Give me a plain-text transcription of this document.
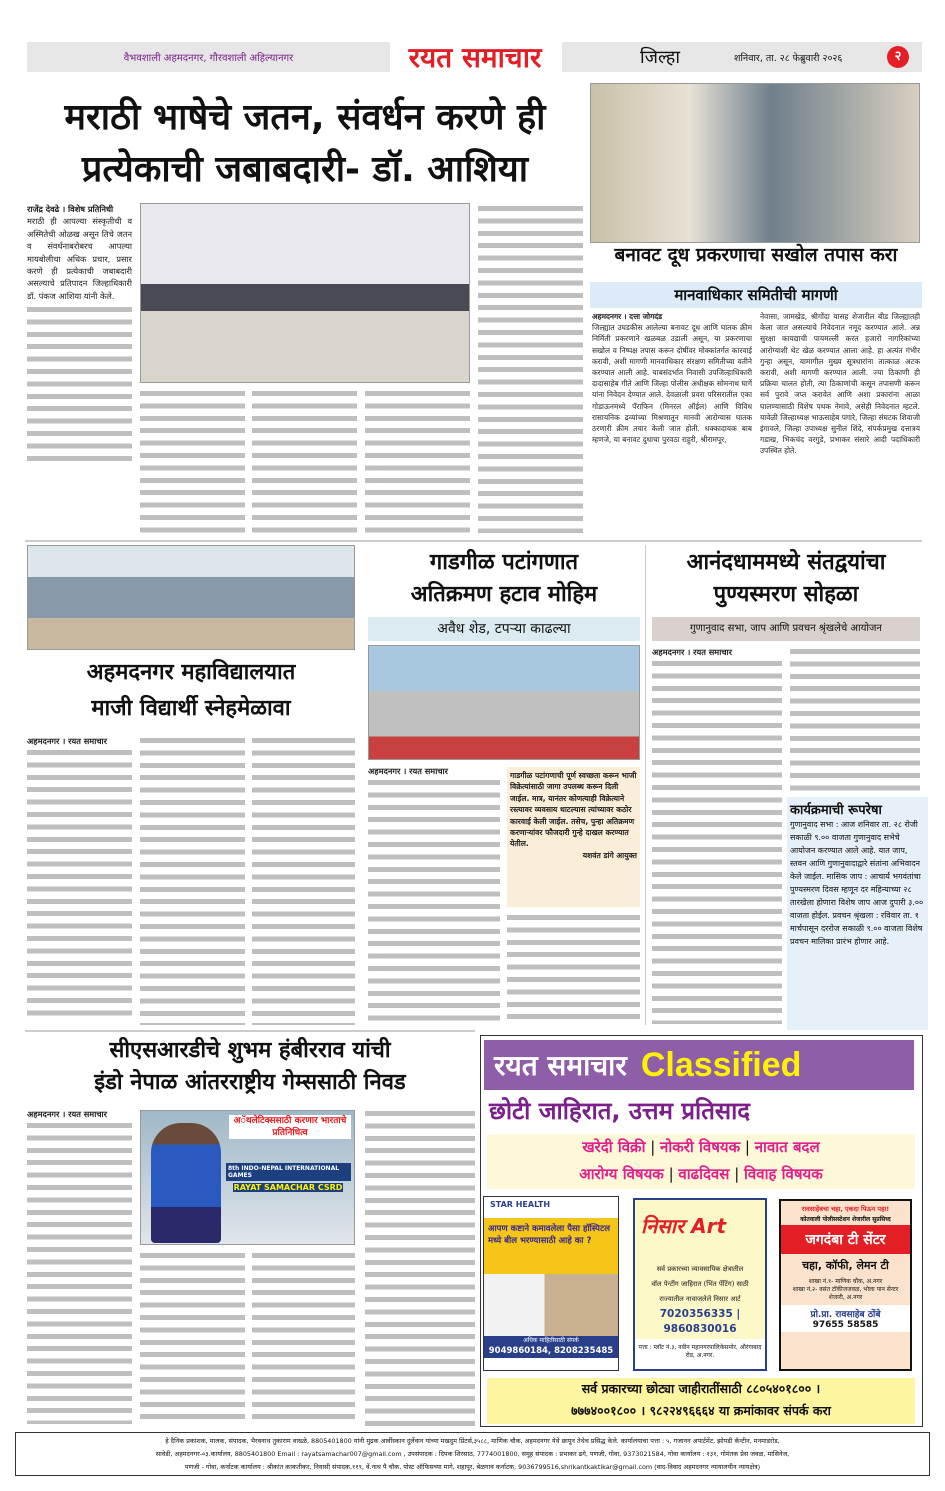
वैभवशाली अहमदनगर, गौरवशाली अहिल्यानगर	रयत समाचार	जिल्हा	शनिवार, ता. २८ फेब्रुवारी २०२६	२
मराठी भाषेचे जतन, संवर्धन करणे ही प्रत्येकाची जबाबदारी- डॉ. आशिया
राजेंद्र देवढे । विशेष प्रतिनिधी
मराठी ही आपल्या संस्कृतीची व अस्मितेची ओळख असून तिचे जतन व संवर्धनाबरोबरच आपल्या मायबोलीचा अधिक प्रचार, प्रसार करणे ही प्रत्येकाची जबाबदारी असल्याचे प्रतिपादन जिल्हाधिकारी डॉ. पंकज आशिया यांनी केले.
बनावट दूध प्रकरणाचा सखोल तपास करा
मानवाधिकार समितीची मागणी
अहमदनगर । दत्ता जोगदंड
जिल्ह्यात उघडकीस आलेल्या बनावट दूध आणि घातक क्रीम निर्मिती प्रकरणाने खळबळ उडाली असून, या प्रकरणाचा सखोल व निष्पक्ष तपास करून दोषींवर मोक्कांतर्गत कारवाई करावी, अशी मागणी मानवाधिकार संरक्षण समितीच्या वतीने करण्यात आली आहे. याबसंदर्भात निवासी उपजिल्हाधिकारी दादासाहेब गीते आणि जिल्हा पोलीस अधीक्षक सोमनाथ घार्गे यांना निवेदन देण्यात आले. देवळाली प्रवरा परिसरातील एका गोडाऊनमध्ये पॅराफिन (मिनरल ऑईल) आणि विविध रासायनिक द्रव्यांच्या मिश्रणातून मानवी आरोग्यास घातक ठरणारी क्रीम तयार केली जात होती. धक्कादायक बाब म्हणजे, या बनावट दुधाचा पुरवठा राहुरी, श्रीरामपूर,
नेवासा, जामखेड, श्रीगोंदा यासह शेजारील बीड जिल्ह्यातही केला जात असल्याचे निवेदनात नमूद करण्यात आले. अन्न सुरक्षा कायद्याची पायमल्ली करत हजारो नागरिकांच्या आरोग्याशी थेट खेळ करण्यात आला आहे. हा अत्यंत गंभीर गुन्हा असून, यामागील मुख्य सूत्रधारांना तात्काळ अटक करावी, अशी मागणी करण्यात आली. ज्या ठिकाणी ही प्रक्रिया चालत होती, त्या ठिकाणांची कसून तपासणी करून सर्व पुरावे जप्त करावेत आणि अशा प्रकारांना आळा घालण्यासाठी विशेष पथक नेमावे, असेही निवेदनात म्हटले. यावेळी जिल्हाध्यक्ष भाऊसाहेब पगारे, जिल्हा संघटक शिवाजी इंगावले, जिल्हा उपाध्यक्ष सुनील शिंदे, संपर्कप्रमुख दत्तात्रय गडाख, भिकचंद वरगुडे, प्रभाकर संसारे आदी पदाधिकारी उपस्थित होते.
अहमदनगर महाविद्यालयात
माजी विद्यार्थी स्नेहमेळावा
अहमदनगर । रयत समाचार
गाडगीळ पटांगणात
अतिक्रमण हटाव मोहिम
अवैध शेड, टपऱ्या काढल्या
अहमदनगर । रयत समाचार	गाडगीळ पटांगणाची पूर्ण स्वच्छता करून भाजी विक्रेत्यांसाठी जागा उपलब्ध करून दिली जाईल. मात्र, यानंतर कोणत्याही विक्रेत्याने रस्त्यावर व्यवसाय थाटल्यास त्यांच्यावर कठोर कारवाई केली जाईल. तसेच, पुन्हा अतिक्रमण करणाऱ्यांवर फौजदारी गुन्हे दाखल करण्यात येतील.
यशवंत डांगे आयुक्त
आनंदधाममध्ये संतद्वयांचा
पुण्यस्मरण सोहळा
गुणानुवाद सभा, जाप आणि प्रवचन श्रृंखलेचे आयोजन
अहमदनगर । रयत समाचार
कार्यक्रमाची रूपरेषा
गुणानुवाद सभा : आज शनिवार ता. २८ रोजी सकाळी ९.०० वाजता गुणानुवाद सभेचे आयोजन करण्यात आले आहे. यात जाप, स्तवन आणि गुणानुवादाद्वारे संतांना अभिवादन केले जाईल. मासिक जाप : आचार्य भगवंतांचा पुण्यस्मरण दिवस म्हणून दर महिन्याच्या २८ तारखेला होणारा विशेष जाप आज दुपारी ३.०० वाजता होईल. प्रवचन श्रृंखला : रविवार ता. १ मार्चपासून दररोज सकाळी ९.०० वाजता विशेष प्रवचन मालिका प्रारंभ होणार आहे.
सीएसआरडीचे शुभम हंबीरराव यांची
इंडो नेपाळ आंतरराष्ट्रीय गेम्ससाठी निवड
अहमदनगर । रयत समाचार
अॅथलेटिक्ससाठी करणार भारताचे प्रतिनिधित्व
8th INDO-NEPAL INTERNATIONAL GAMES
RAYAT SAMACHAR CSRD
रयत समाचार Classified
छोटी जाहिरात, उत्तम प्रतिसाद
खरेदी विक्री | नोकरी विषयक | नावात बदल
आरोग्य विषयक | वाढदिवस | विवाह विषयक
STAR HEALTH
आपण कष्टाने कमावलेला पैसा हॉस्पिटल मध्ये बील भरण्यासाठी आहे का ?
अधिक माहितीसाठी संपर्क
9049860184, 8208235485
निसार Art
सर्व प्रकारच्या व्यावसायिक क्षेत्रातील
वॉल पेन्टींग जाहिरात (भिंत पेंटिंग) साठी
राज्यातील नावाजलेले निसार आर्ट
7020356335 | 9860830016
पत्ता : प्लॉट नं.३, नवीन महानगरपालिकेसमोर, औरंगाबाद रोड, अ.नगर.
रावसाहेबचा चहा, एकदा पिऊन पहा!
कोतवाली पोलीसस्टेशन शेजारील सुप्रसिध्द
जगदंबा टी सेंटर
चहा, कॉफी, लेमन टी
शाखा नं.१- माणिक चौक, अ.नगर
शाखा नं.२- वसंत टॉकीजजवळ, भोला पान सेन्टर शेजारी, अ.नगर
प्रो.प्रा. रावसाहेब ठोंबे
97655 58585
सर्व प्रकारच्या छोट्या जाहीरातींसाठी ८८०५४०१८०० ।
७७७४००१८०० । ९८२२४९६६६४ या क्रमांकावर संपर्क करा
हे दैनिक प्रकाशक, मालक, संपादक, भैरवनाथ तुकाराम वाख्ळे, 8805401800 यांनी मुद्रक आर्वीस्कान दुर्लेवान यांच्या मखदुम प्रिंटर्स,३५८८, माणिक चौक, अहमदनगर येथे छापून तेथेच प्रसिद्ध केले. कार्यालयाचा पत्ता : ५, गजानन अपार्टमेंट, झोपडी कॅन्टीन, मनमाडरोड,
सावेडी, अहमदनगर-०३.कार्यालय, 8805401800 Email : rayatsamachar007@gmail.com , उपसंपादक : दिपक शिरसाठ, 7774001800, समूह संपादक : प्रभाकर ढगे, पणजी, गोवा, 9373021584, गोवा कार्यालय : १३१, गोमंतक प्रेस जवळ, मांसिनेज,
पणजी - गोवा, कर्नाटक कार्यालय : श्रीकांत काकतीकर, निवासी संपादक,११९, वें.नाथ पै चौक, पोस्ट ऑफिसच्या मागे, शहापूर, बेळगाव कर्नाटक, 9036799516,shrikantkaktikar@gmail.com (वाद-विवाद अहमदनगर न्यायालयीन न्यायक्षेत्र)
